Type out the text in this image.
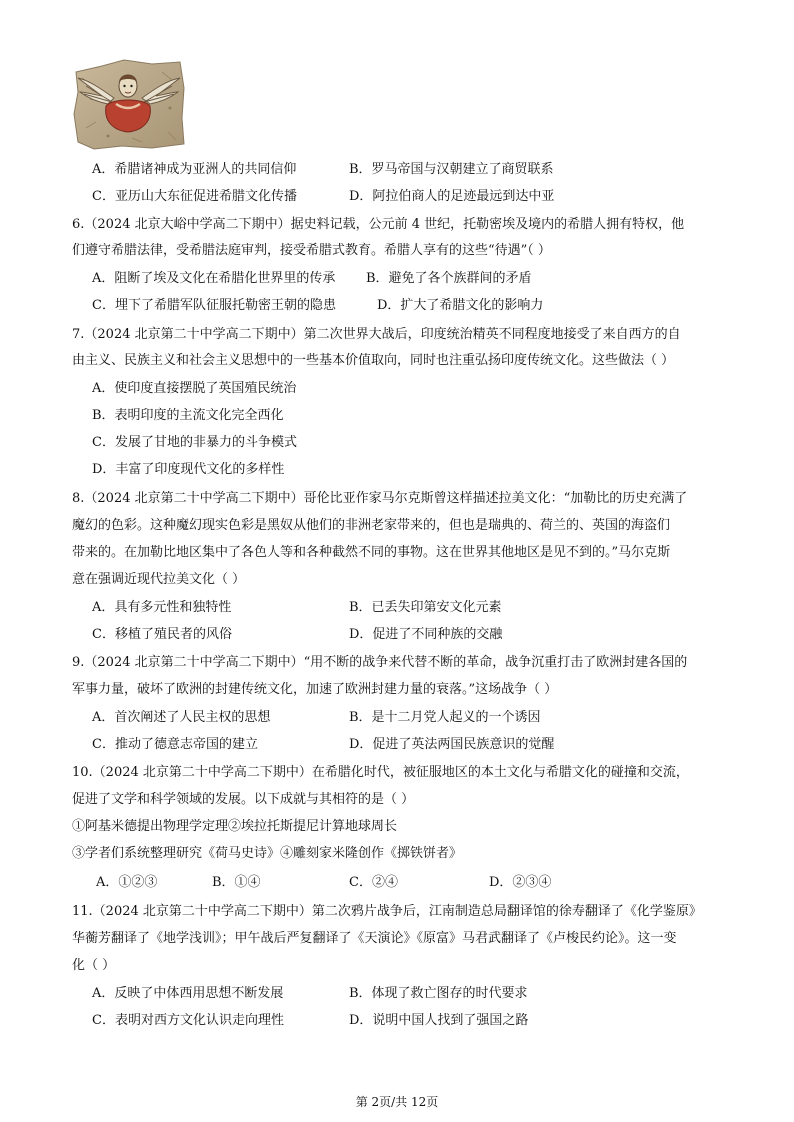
A．希腊诸神成为亚洲人的共同信仰	B．罗马帝国与汉朝建立了商贸联系
C．亚历山大东征促进希腊文化传播	D．阿拉伯商人的足迹最远到达中亚
6.（2024 北京大峪中学高二下期中）据史料记载，公元前 4 世纪，托勒密埃及境内的希腊人拥有特权，他
们遵守希腊法律，受希腊法庭审判，接受希腊式教育。希腊人享有的这些“待遇”（ ）
A．阻断了埃及文化在希腊化世界里的传承 B．避免了各个族群间的矛盾
C．埋下了希腊军队征服托勒密王朝的隐患	D．扩大了希腊文化的影响力
7.（2024 北京第二十中学高二下期中）第二次世界大战后，印度统治精英不同程度地接受了来自西方的自
由主义、民族主义和社会主义思想中的一些基本价值取向，同时也注重弘扬印度传统文化。这些做法（ ）
A．使印度直接摆脱了英国殖民统治
B．表明印度的主流文化完全西化
C．发展了甘地的非暴力的斗争模式
D．丰富了印度现代文化的多样性
8.（2024 北京第二十中学高二下期中）哥伦比亚作家马尔克斯曾这样描述拉美文化：“加勒比的历史充满了
魔幻的色彩。这种魔幻现实色彩是黑奴从他们的非洲老家带来的，但也是瑞典的、荷兰的、英国的海盗们
带来的。在加勒比地区集中了各色人等和各种截然不同的事物。这在世界其他地区是见不到的。”马尔克斯
意在强调近现代拉美文化（ ）
A．具有多元性和独特性	B．已丢失印第安文化元素
C．移植了殖民者的风俗	D．促进了不同种族的交融
9.（2024 北京第二十中学高二下期中）“用不断的战争来代替不断的革命，战争沉重打击了欧洲封建各国的
军事力量，破坏了欧洲的封建传统文化，加速了欧洲封建力量的衰落。”这场战争（ ）
A．首次阐述了人民主权的思想	B．是十二月党人起义的一个诱因
C．推动了德意志帝国的建立	D．促进了英法两国民族意识的觉醒
10.（2024 北京第二十中学高二下期中）在希腊化时代，被征服地区的本土文化与希腊文化的碰撞和交流，
促进了文学和科学领域的发展。以下成就与其相符的是（ ）
①阿基米德提出物理学定理②埃拉托斯提尼计算地球周长
③学者们系统整理研究《荷马史诗》④雕刻家米隆创作《掷铁饼者》
A．①②③	B．①④	C．②④	D．②③④
11.（2024 北京第二十中学高二下期中）第二次鸦片战争后，江南制造总局翻译馆的徐寿翻译了《化学鉴原》
华蘅芳翻译了《地学浅训》；甲午战后严复翻译了《天演论》《原富》马君武翻译了《卢梭民约论》。这一变
化（ ）
A．反映了中体西用思想不断发展	B．体现了救亡图存的时代要求
C．表明对西方文化认识走向理性	D．说明中国人找到了强国之路
第 2页/共 12页
